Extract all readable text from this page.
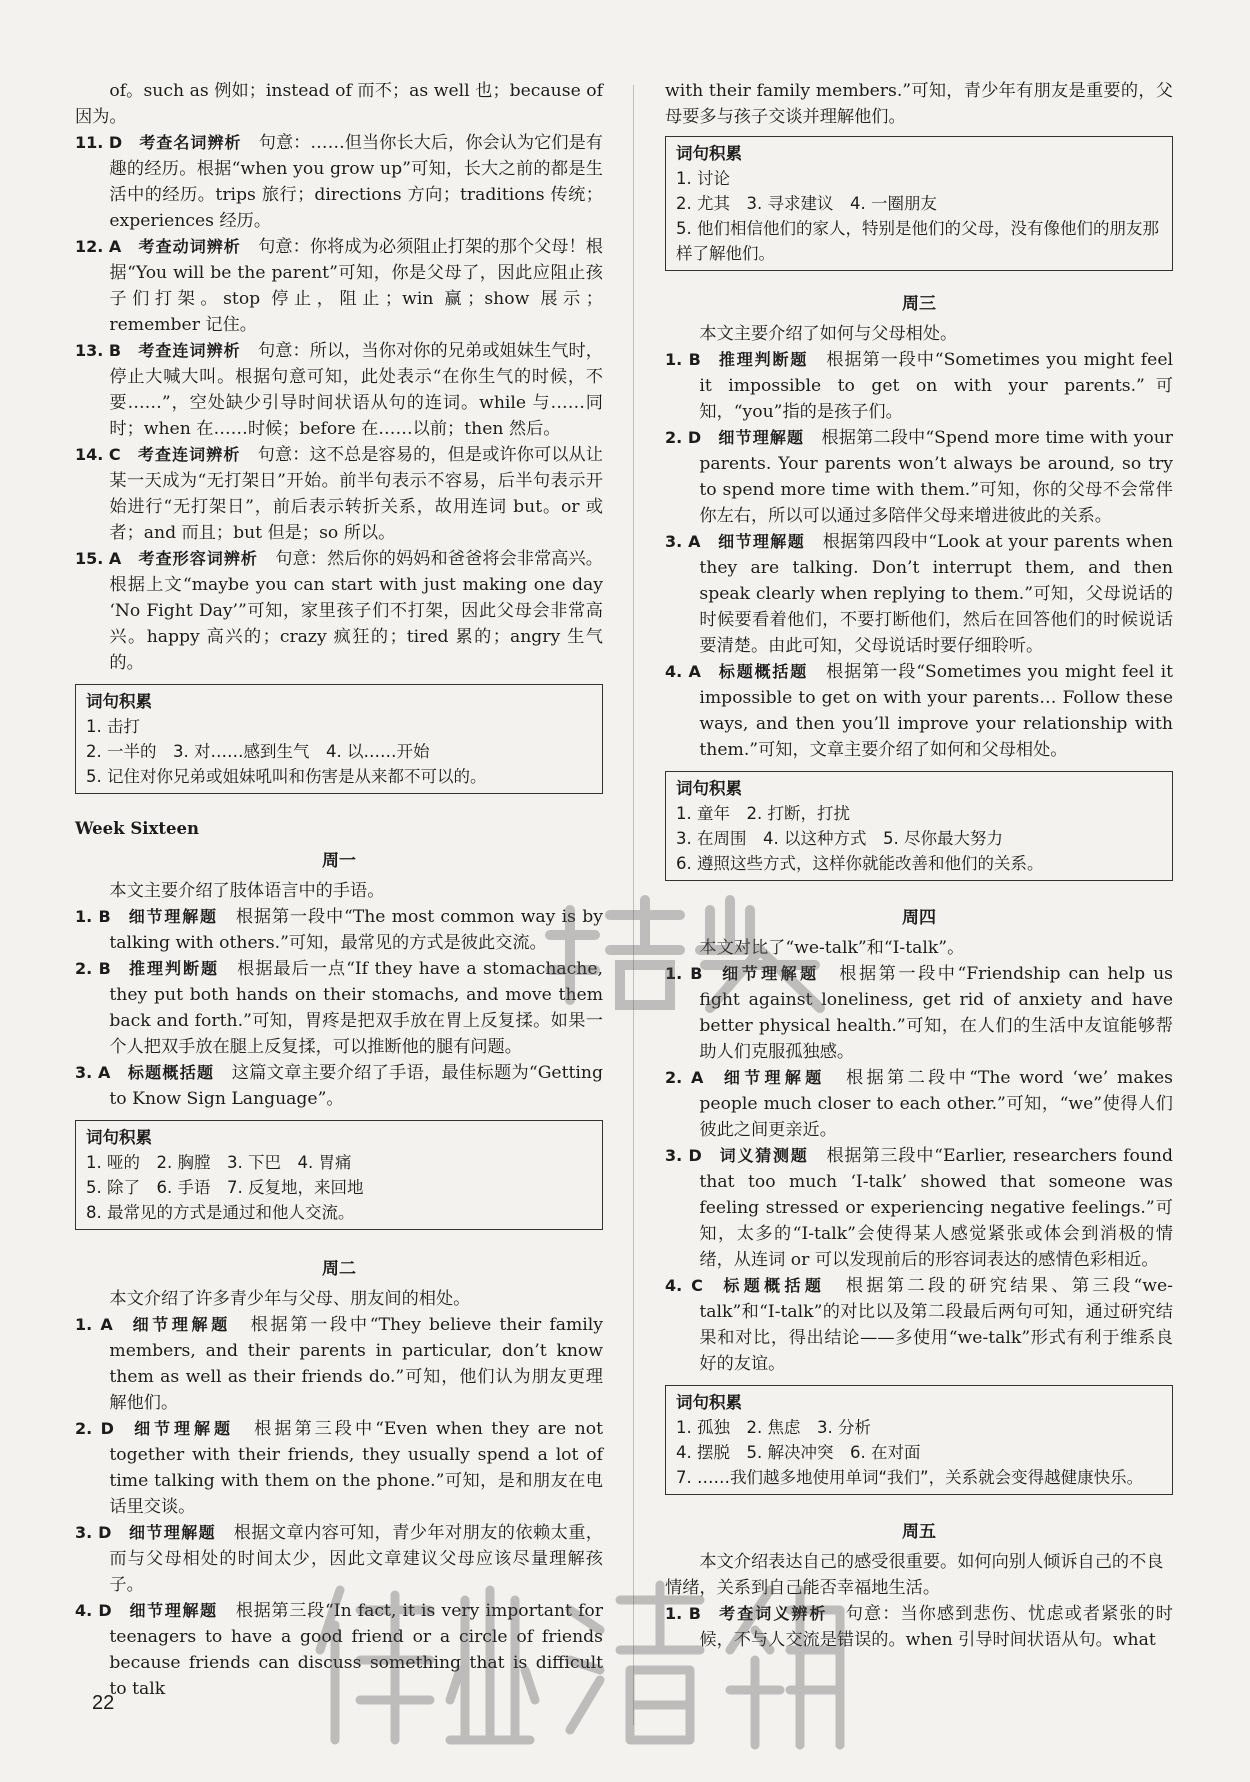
of。such as 例如；instead of 而不；as well 也；because of 因为。

11. D  考查名词辨析  句意：……但当你长大后，你会认为它们是有趣的经历。根据“when you grow up”可知，长大之前的都是生活中的经历。trips 旅行；directions 方向；traditions 传统；experiences 经历。

12. A  考查动词辨析  句意：你将成为必须阻止打架的那个父母！根据“You will be the parent”可知，你是父母了，因此应阻止孩子们打架。stop 停止，阻止；win 赢；show 展示；remember 记住。

13. B  考查连词辨析  句意：所以，当你对你的兄弟或姐妹生气时，停止大喊大叫。根据句意可知，此处表示“在你生气的时候，不要……”，空处缺少引导时间状语从句的连词。while 与……同时；when 在……时候；before 在……以前；then 然后。

14. C  考查连词辨析  句意：这不总是容易的，但是或许你可以从让某一天成为“无打架日”开始。前半句表示不容易，后半句表示开始进行“无打架日”，前后表示转折关系，故用连词 but。or 或者；and 而且；but 但是；so 所以。

15. A  考查形容词辨析  句意：然后你的妈妈和爸爸将会非常高兴。根据上文“maybe you can start with just making one day ‘No Fight Day’”可知，家里孩子们不打架，因此父母会非常高兴。happy 高兴的；crazy 疯狂的；tired 累的；angry 生气的。

词句积累
1. 击打
2. 一半的　3. 对……感到生气　4. 以……开始
5. 记住对你兄弟或姐妹吼叫和伤害是从来都不可以的。
Week Sixteen
周一

本文主要介绍了肢体语言中的手语。

1. B  细节理解题  根据第一段中“The most common way is by talking with others.”可知，最常见的方式是彼此交流。

2. B  推理判断题  根据最后一点“If they have a stomachache, they put both hands on their stomachs, and move them back and forth.”可知，胃疼是把双手放在胃上反复揉。如果一个人把双手放在腿上反复揉，可以推断他的腿有问题。

3. A  标题概括题  这篇文章主要介绍了手语，最佳标题为“Getting to Know Sign Language”。

词句积累
1. 哑的　2. 胸膛　3. 下巴　4. 胃痛
5. 除了　6. 手语　7. 反复地，来回地
8. 最常见的方式是通过和他人交流。
周二

本文介绍了许多青少年与父母、朋友间的相处。

1. A  细节理解题  根据第一段中“They believe their family members, and their parents in particular, don’t know them as well as their friends do.”可知，他们认为朋友更理解他们。

2. D  细节理解题  根据第三段中“Even when they are not together with their friends, they usually spend a lot of time talking with them on the phone.”可知，是和朋友在电话里交谈。

3. D  细节理解题  根据文章内容可知，青少年对朋友的依赖太重，而与父母相处的时间太少，因此文章建议父母应该尽量理解孩子。

4. D  细节理解题  根据第三段“In fact, it is very important for teenagers to have a good friend or a circle of friends because friends can discuss something that is difficult to talk

with their family members.”可知，青少年有朋友是重要的，父母要多与孩子交谈并理解他们。

词句积累
1. 讨论
2. 尤其　3. 寻求建议　4. 一圈朋友
5. 他们相信他们的家人，特别是他们的父母，没有像他们的朋友那样了解他们。
周三

本文主要介绍了如何与父母相处。

1. B  推理判断题  根据第一段中“Sometimes you might feel it impossible to get on with your parents.”可知，“you”指的是孩子们。

2. D  细节理解题  根据第二段中“Spend more time with your parents. Your parents won’t always be around, so try to spend more time with them.”可知，你的父母不会常伴你左右，所以可以通过多陪伴父母来增进彼此的关系。

3. A  细节理解题  根据第四段中“Look at your parents when they are talking. Don’t interrupt them, and then speak clearly when replying to them.”可知，父母说话的时候要看着他们，不要打断他们，然后在回答他们的时候说话要清楚。由此可知，父母说话时要仔细聆听。

4. A  标题概括题  根据第一段“Sometimes you might feel it impossible to get on with your parents… Follow these ways, and then you’ll improve your relationship with them.”可知，文章主要介绍了如何和父母相处。

词句积累
1. 童年　2. 打断，打扰
3. 在周围　4. 以这种方式　5. 尽你最大努力
6. 遵照这些方式，这样你就能改善和他们的关系。
周四

本文对比了“we-talk”和“I-talk”。

1. B  细节理解题  根据第一段中“Friendship can help us fight against loneliness, get rid of anxiety and have better physical health.”可知，在人们的生活中友谊能够帮助人们克服孤独感。

2. A  细节理解题  根据第二段中“The word ‘we’ makes people much closer to each other.”可知，“we”使得人们彼此之间更亲近。

3. D  词义猜测题  根据第三段中“Earlier, researchers found that too much ‘I-talk’ showed that someone was feeling stressed or experiencing negative feelings.”可知，太多的“I-talk”会使得某人感觉紧张或体会到消极的情绪，从连词 or 可以发现前后的形容词表达的感情色彩相近。

4. C  标题概括题  根据第二段的研究结果、第三段“we-talk”和“I-talk”的对比以及第二段最后两句可知，通过研究结果和对比，得出结论——多使用“we-talk”形式有利于维系良好的友谊。

词句积累
1. 孤独　2. 焦虑　3. 分析
4. 摆脱　5. 解决冲突　6. 在对面
7. ……我们越多地使用单词“我们”，关系就会变得越健康快乐。
周五

本文介绍表达自己的感受很重要。如何向别人倾诉自己的不良情绪，关系到自己能否幸福地生活。

1. B  考查词义辨析  句意：当你感到悲伤、忧虑或者紧张的时候，不与人交流是错误的。when 引导时间状语从句。what

22
